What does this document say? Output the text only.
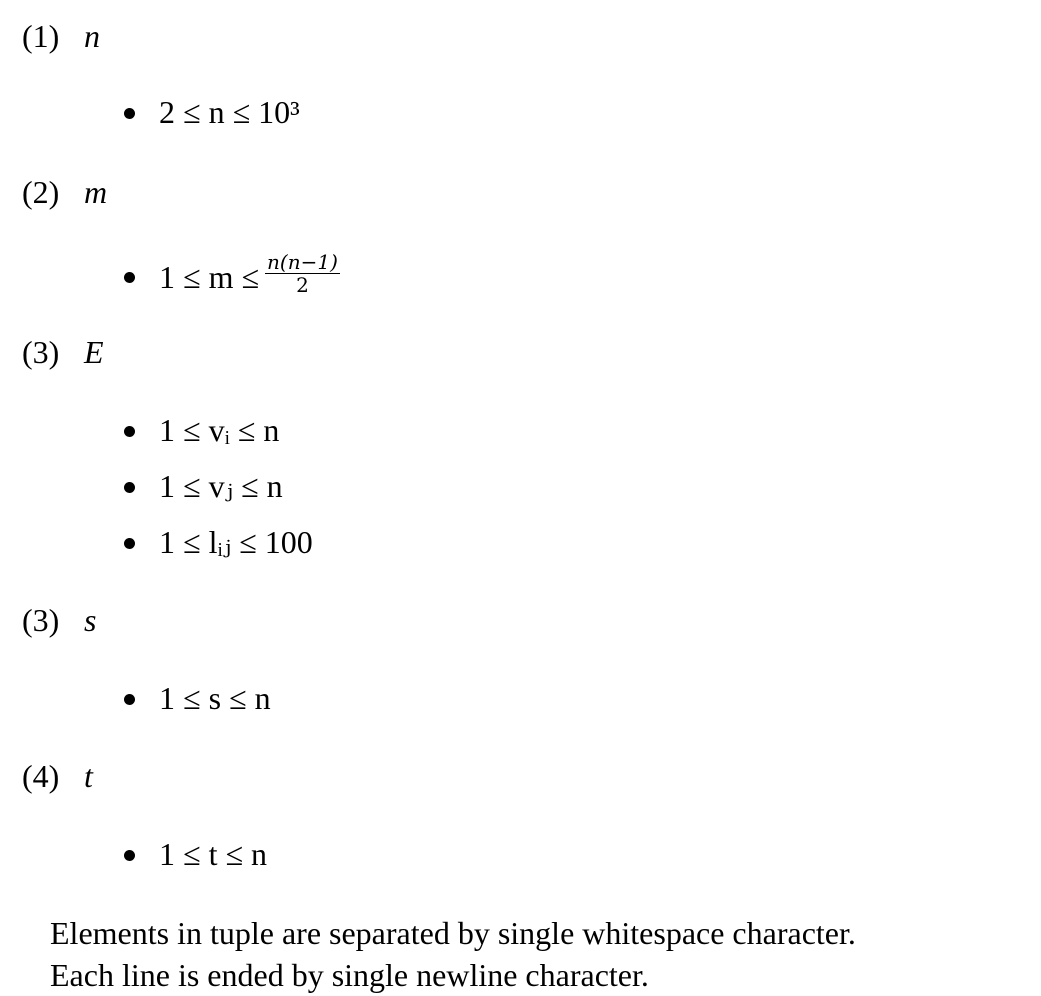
(1) n
2 ≤ n ≤ 10³
(2) m
$1 \le m \le \frac{n(n-1)}{2}$
(3) E
1 ≤ vᵢ ≤ n
1 ≤ vⱼ ≤ n
1 ≤ lᵢⱼ ≤ 100
(3) s
1 ≤ s ≤ n
(4) t
1 ≤ t ≤ n
Elements in tuple are separated by single whitespace character.
Each line is ended by single newline character.
